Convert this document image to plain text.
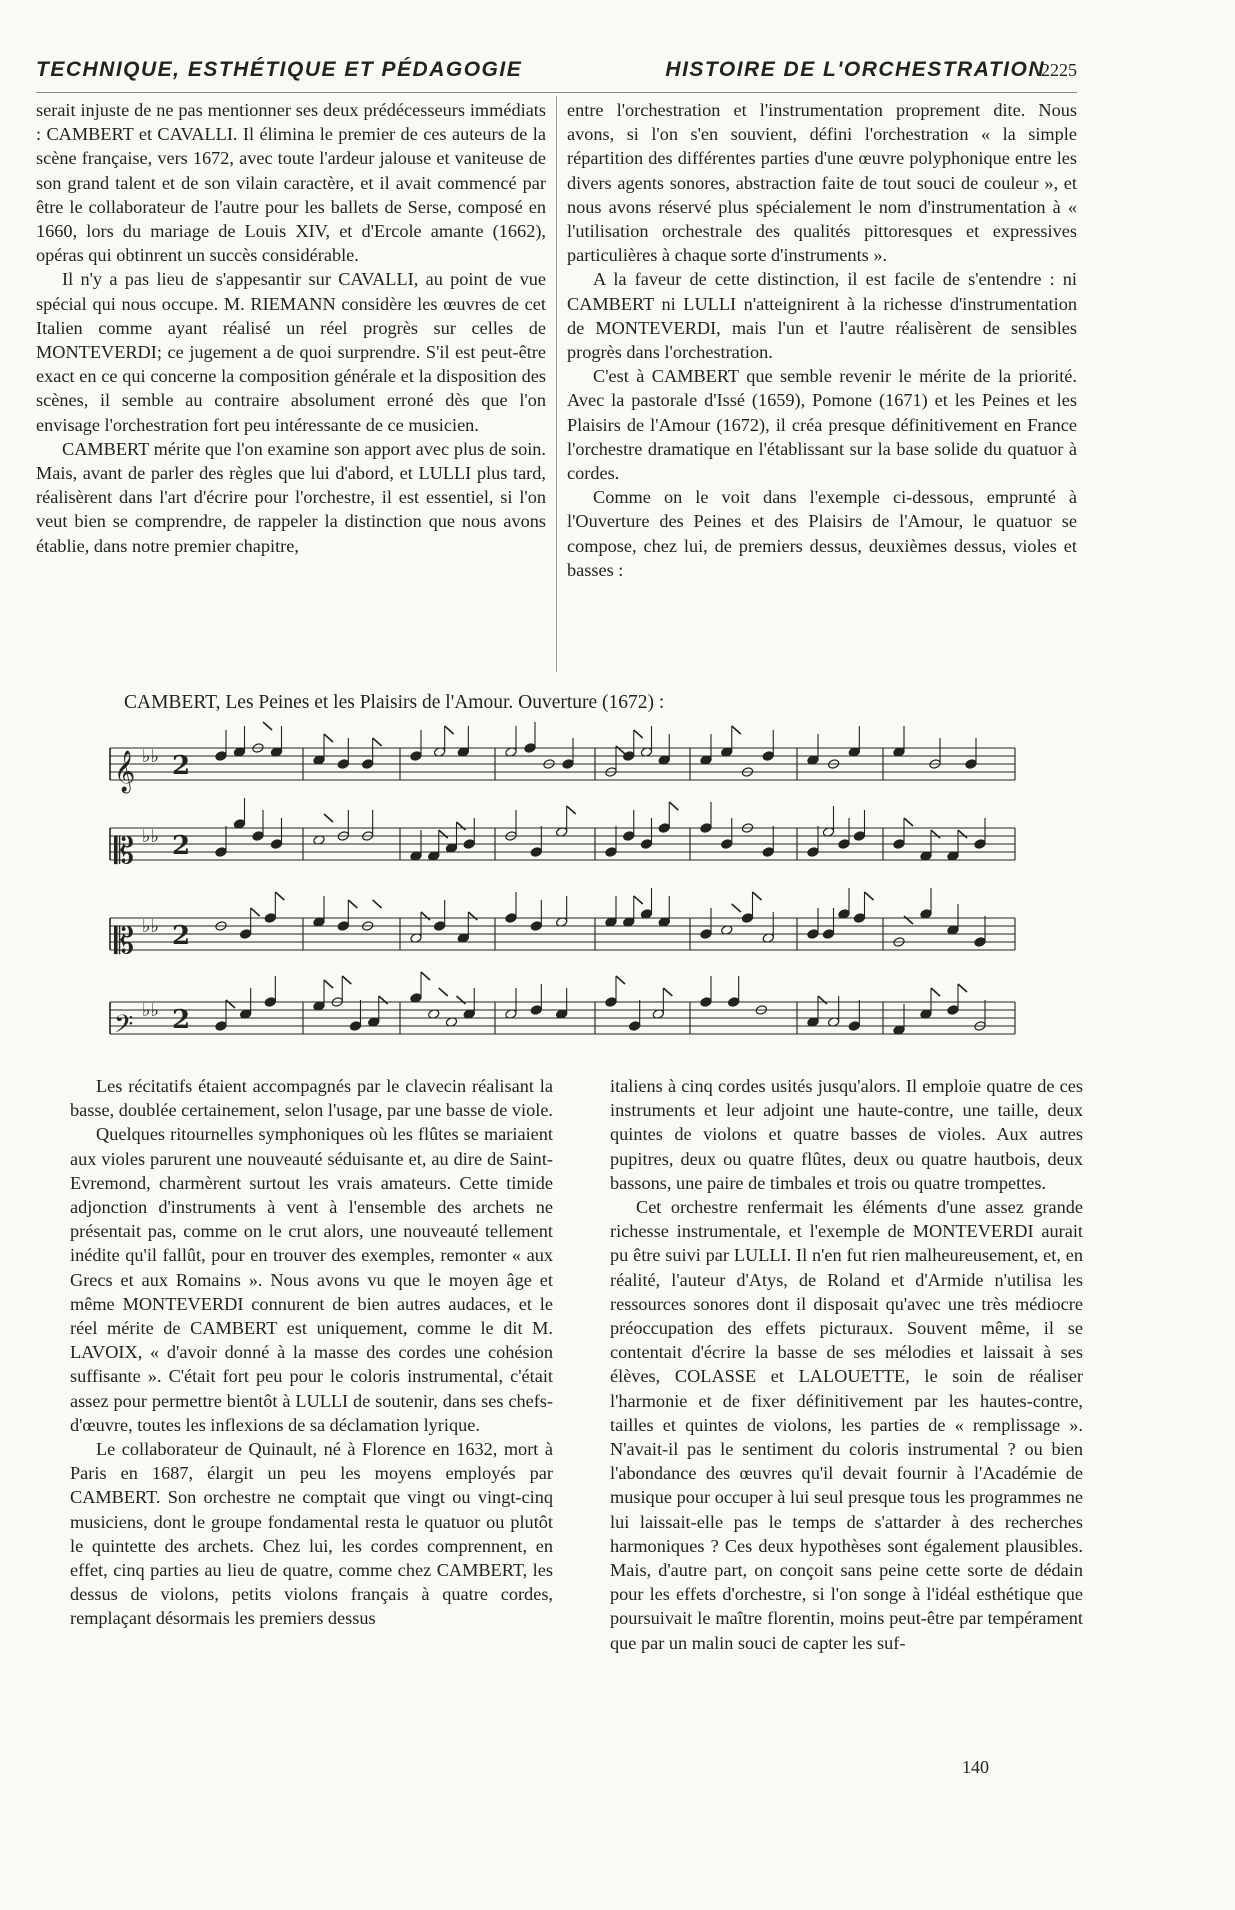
TECHNIQUE, ESTHÉTIQUE ET PÉDAGOGIE	HISTOIRE DE L'ORCHESTRATION
2225

serait injuste de ne pas mentionner ses deux prédécesseurs immédiats : CAMBERT et CAVALLI. Il élimina le premier de ces auteurs de la scène française, vers 1672, avec toute l'ardeur jalouse et vaniteuse de son grand talent et de son vilain caractère, et il avait commencé par être le collaborateur de l'autre pour les ballets de Serse, composé en 1660, lors du mariage de Louis XIV, et d'Ercole amante (1662), opéras qui obtinrent un succès considérable.

Il n'y a pas lieu de s'appesantir sur CAVALLI, au point de vue spécial qui nous occupe. M. RIEMANN considère les œuvres de cet Italien comme ayant réalisé un réel progrès sur celles de MONTEVERDI; ce jugement a de quoi surprendre. S'il est peut-être exact en ce qui concerne la composition générale et la disposition des scènes, il semble au contraire absolument erroné dès que l'on envisage l'orchestration fort peu intéressante de ce musicien.

CAMBERT mérite que l'on examine son apport avec plus de soin. Mais, avant de parler des règles que lui d'abord, et LULLI plus tard, réalisèrent dans l'art d'écrire pour l'orchestre, il est essentiel, si l'on veut bien se comprendre, de rappeler la distinction que nous avons établie, dans notre premier chapitre,

entre l'orchestration et l'instrumentation proprement dite. Nous avons, si l'on s'en souvient, défini l'orchestration « la simple répartition des différentes parties d'une œuvre polyphonique entre les divers agents sonores, abstraction faite de tout souci de couleur », et nous avons réservé plus spécialement le nom d'instrumentation à « l'utilisation orchestrale des qualités pittoresques et expressives particulières à chaque sorte d'instruments ».

A la faveur de cette distinction, il est facile de s'entendre : ni CAMBERT ni LULLI n'atteignirent à la richesse d'instrumentation de MONTEVERDI, mais l'un et l'autre réalisèrent de sensibles progrès dans l'orchestration.

C'est à CAMBERT que semble revenir le mérite de la priorité. Avec la pastorale d'Issé (1659), Pomone (1671) et les Peines et les Plaisirs de l'Amour (1672), il créa presque définitivement en France l'orchestre dramatique en l'établissant sur la base solide du quatuor à cordes.

Comme on le voit dans l'exemple ci-dessous, emprunté à l'Ouverture des Peines et des Plaisirs de l'Amour, le quatuor se compose, chez lui, de premiers dessus, deuxièmes dessus, violes et basses :

CAMBERT, Les Peines et les Plaisirs de l'Amour. Ouverture (1672) :
𝄞 ♭♭ 2
𝄡 ♭♭ 2
𝄡 ♭♭ 2
𝄢 ♭♭ 2

Les récitatifs étaient accompagnés par le clavecin réalisant la basse, doublée certainement, selon l'usage, par une basse de viole.

Quelques ritournelles symphoniques où les flûtes se mariaient aux violes parurent une nouveauté séduisante et, au dire de Saint-Evremond, charmèrent surtout les vrais amateurs. Cette timide adjonction d'instruments à vent à l'ensemble des archets ne présentait pas, comme on le crut alors, une nouveauté tellement inédite qu'il fallût, pour en trouver des exemples, remonter « aux Grecs et aux Romains ». Nous avons vu que le moyen âge et même MONTEVERDI connurent de bien autres audaces, et le réel mérite de CAMBERT est uniquement, comme le dit M. LAVOIX, « d'avoir donné à la masse des cordes une cohésion suffisante ». C'était fort peu pour le coloris instrumental, c'était assez pour permettre bientôt à LULLI de soutenir, dans ses chefs-d'œuvre, toutes les inflexions de sa déclamation lyrique.

Le collaborateur de Quinault, né à Florence en 1632, mort à Paris en 1687, élargit un peu les moyens employés par CAMBERT. Son orchestre ne comptait que vingt ou vingt-cinq musiciens, dont le groupe fondamental resta le quatuor ou plutôt le quintette des archets. Chez lui, les cordes comprennent, en effet, cinq parties au lieu de quatre, comme chez CAMBERT, les dessus de violons, petits violons français à quatre cordes, remplaçant désormais les premiers dessus

italiens à cinq cordes usités jusqu'alors. Il emploie quatre de ces instruments et leur adjoint une haute-contre, une taille, deux quintes de violons et quatre basses de violes. Aux autres pupitres, deux ou quatre flûtes, deux ou quatre hautbois, deux bassons, une paire de timbales et trois ou quatre trompettes.

Cet orchestre renfermait les éléments d'une assez grande richesse instrumentale, et l'exemple de MONTEVERDI aurait pu être suivi par LULLI. Il n'en fut rien malheureusement, et, en réalité, l'auteur d'Atys, de Roland et d'Armide n'utilisa les ressources sonores dont il disposait qu'avec une très médiocre préoccupation des effets picturaux. Souvent même, il se contentait d'écrire la basse de ses mélodies et laissait à ses élèves, COLASSE et LALOUETTE, le soin de réaliser l'harmonie et de fixer définitivement par les hautes-contre, tailles et quintes de violons, les parties de « remplissage ». N'avait-il pas le sentiment du coloris instrumental ? ou bien l'abondance des œuvres qu'il devait fournir à l'Académie de musique pour occuper à lui seul presque tous les programmes ne lui laissait-elle pas le temps de s'attarder à des recherches harmoniques ? Ces deux hypothèses sont également plausibles. Mais, d'autre part, on conçoit sans peine cette sorte de dédain pour les effets d'orchestre, si l'on songe à l'idéal esthétique que poursuivait le maître florentin, moins peut-être par tempérament que par un malin souci de capter les suf-

140
